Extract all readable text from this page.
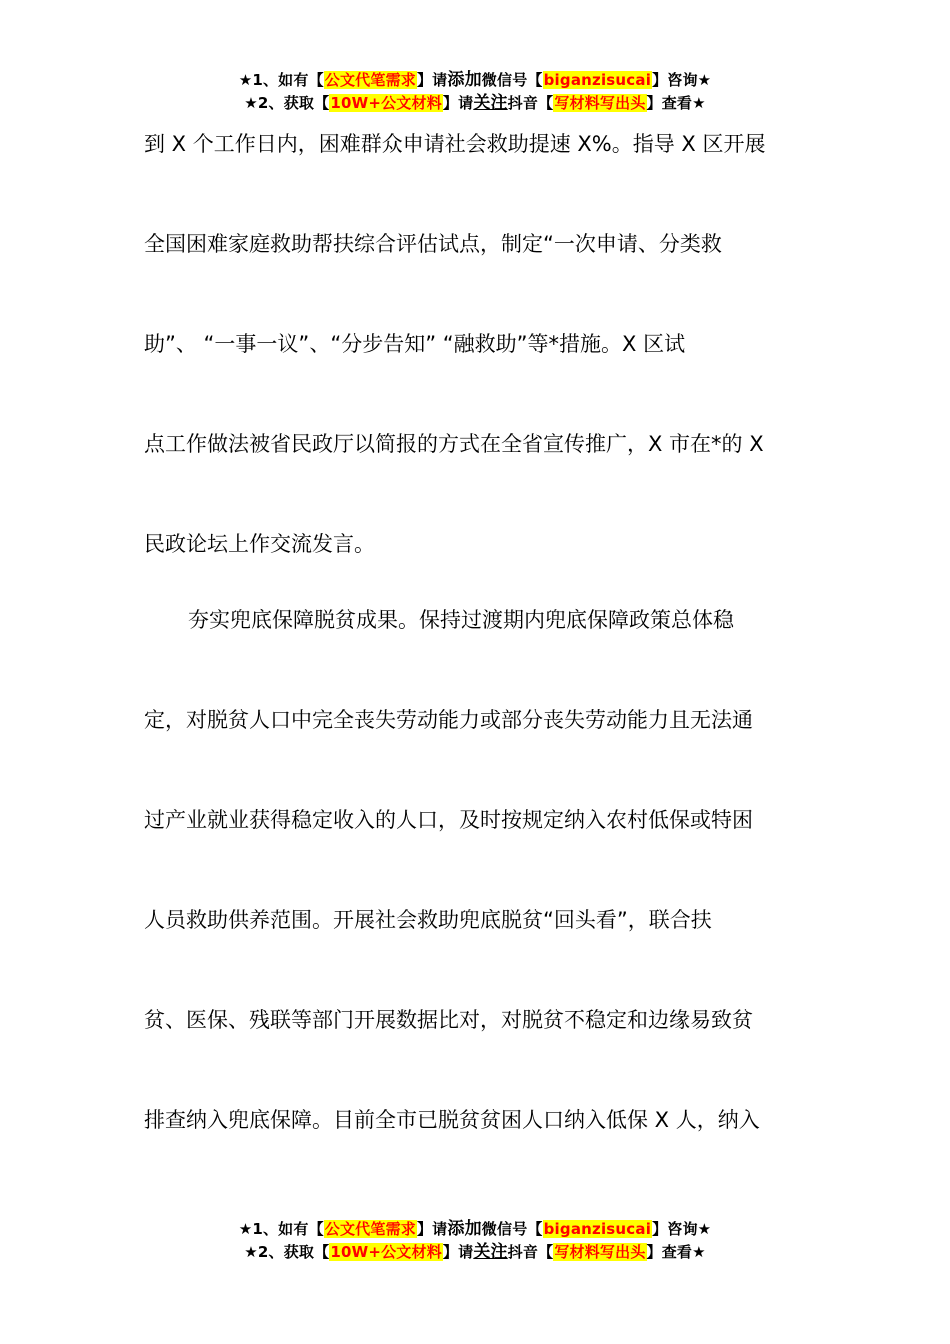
★1、如有【公文代笔需求】请添加微信号【biganzisucai】咨询★
★2、获取【10W+公文材料】请关注抖音【写材料写出头】查看★
到 X 个工作日内，困难群众申请社会救助提速 X%。指导 X 区开展
全国困难家庭救助帮扶综合评估试点，制定“一次申请、分类救
助”、 “一事一议”、“分步告知” “融救助”等*措施。X 区试
点工作做法被省民政厅以简报的方式在全省宣传推广，X 市在*的 X
民政论坛上作交流发言。
夯实兜底保障脱贫成果。保持过渡期内兜底保障政策总体稳
定，对脱贫人口中完全丧失劳动能力或部分丧失劳动能力且无法通
过产业就业获得稳定收入的人口，及时按规定纳入农村低保或特困
人员救助供养范围。开展社会救助兜底脱贫“回头看”，联合扶
贫、医保、残联等部门开展数据比对，对脱贫不稳定和边缘易致贫
排查纳入兜底保障。目前全市已脱贫贫困人口纳入低保 X 人，纳入
★1、如有【公文代笔需求】请添加微信号【biganzisucai】咨询★
★2、获取【10W+公文材料】请关注抖音【写材料写出头】查看★
